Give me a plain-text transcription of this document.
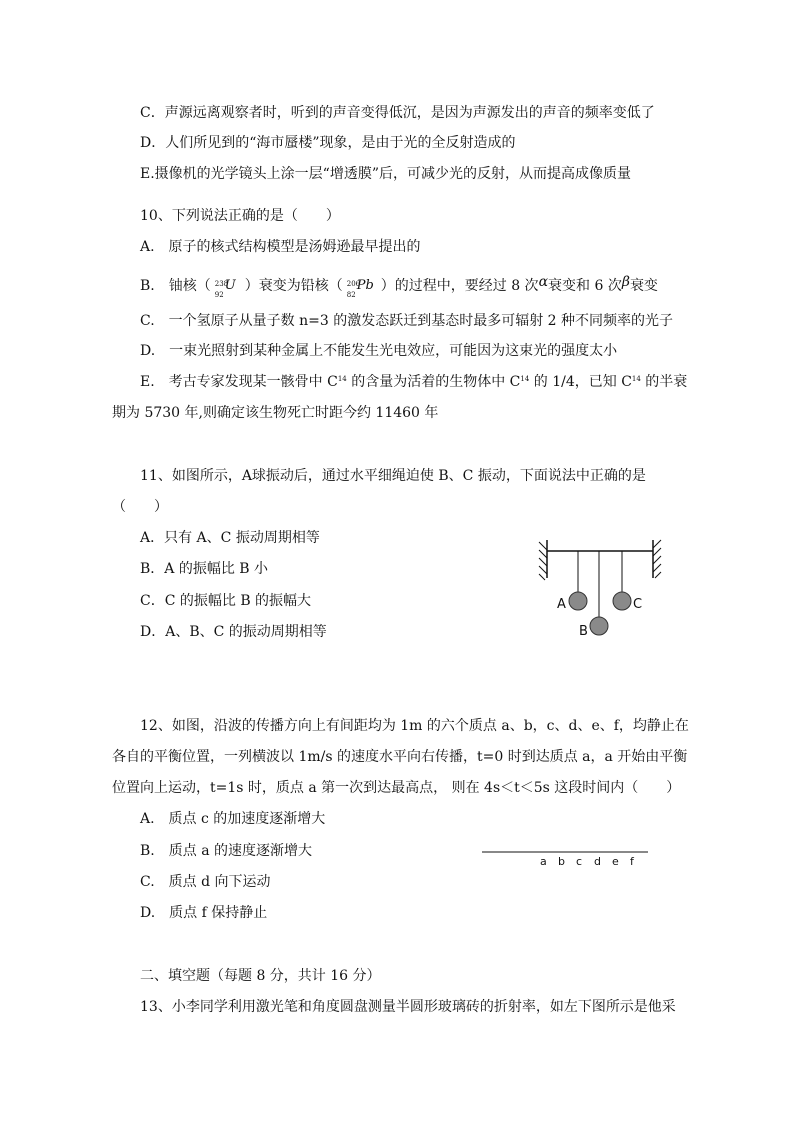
C．声源远离观察者时，听到的声音变得低沉，是因为声源发出的声音的频率变低了
D．人们所见到的“海市蜃楼”现象，是由于光的全反射造成的
E.摄像机的光学镜头上涂一层“增透膜”后，可减少光的反射，从而提高成像质量
10、下列说法正确的是（　　）
A.　原子的核式结构模型是汤姆逊最早提出的
B.　铀核（ 238
92
U ）衰变为铅核（ 206
82
Pb ）的过程中，要经过 8 次α衰变和 6 次β衰变
C.　一个氢原子从量子数 n=3 的激发态跃迁到基态时最多可辐射 2 种不同频率的光子
D.　一束光照射到某种金属上不能发生光电效应，可能因为这束光的强度太小
E.　考古专家发现某一骸骨中 $C^{14}$ 的含量为活着的生物体中 $C^{14}$ 的 1/4，已知 $C^{14}$ 的半衰
期为 5730 年,则确定该生物死亡时距今约 11460 年
11、如图所示，A球振动后，通过水平细绳迫使 B、C 振动，下面说法中正确的是
（　　）
A．只有 A、C 振动周期相等
B．A 的振幅比 B 小
C．C 的振幅比 B 的振幅大
D．A、B、C 的振动周期相等
A
B
C
12、如图，沿波的传播方向上有间距均为 1m 的六个质点 a、b，c、d、e、f，均静止在
各自的平衡位置，一列横波以 1m/s 的速度水平向右传播，t=0 时到达质点 a，a 开始由平衡
位置向上运动，t=1s 时，质点 a 第一次到达最高点， 则在 4s＜t＜5s 这段时间内（　　）
A.　质点 c 的加速度逐渐增大
B.　质点 a 的速度逐渐增大
C.　质点 d 向下运动
D.　质点 f 保持静止
a b c d e f
二、填空题（每题 8 分，共计 16 分）
13、小李同学利用激光笔和角度圆盘测量半圆形玻璃砖的折射率，如左下图所示是他采
